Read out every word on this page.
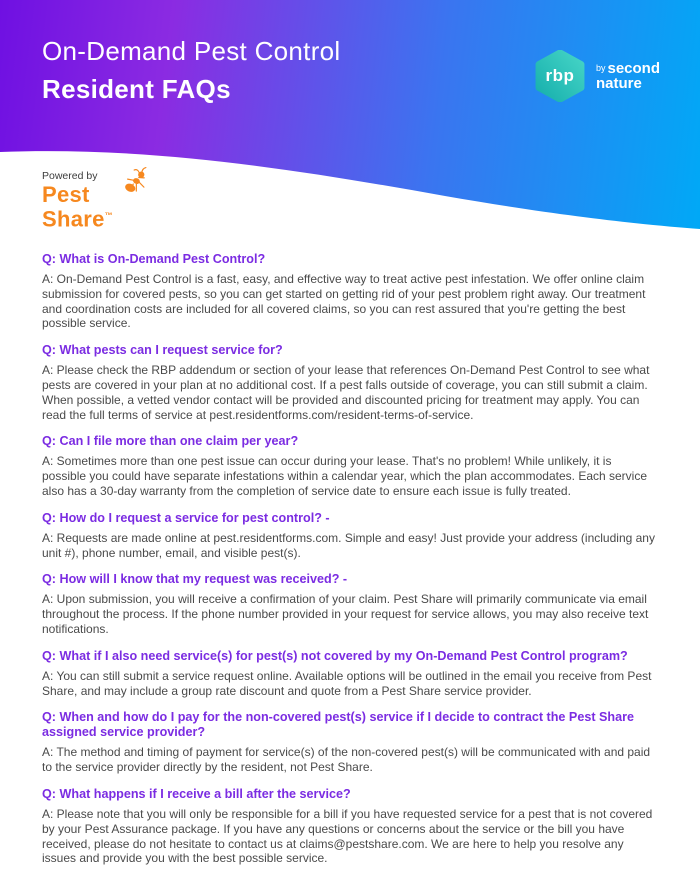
On-Demand Pest Control
Resident FAQs	rbp	$^{by}$ second
nature
Powered by
Pest
Share™
Q: What is On-Demand Pest Control?

A: On-Demand Pest Control is a fast, easy, and effective way to treat active pest infestation. We offer online claim submission for covered pests, so you can get started on getting rid of your pest problem right away. Our treatment and coordination costs are included for all covered claims, so you can rest assured that you're getting the best possible service.

Q: What pests can I request service for?

A: Please check the RBP addendum or section of your lease that references On-Demand Pest Control to see what pests are covered in your plan at no additional cost. If a pest falls outside of coverage, you can still submit a claim. When possible, a vetted vendor contact will be provided and discounted pricing for treatment may apply. You can read the full terms of service at pest.residentforms.com/resident-terms-of-service.

Q: Can I file more than one claim per year?

A: Sometimes more than one pest issue can occur during your lease. That's no problem! While unlikely, it is possible you could have separate infestations within a calendar year, which the plan accommodates. Each service also has a 30-day warranty from the completion of service date to ensure each issue is fully treated.

Q: How do I request a service for pest control? -

A: Requests are made online at pest.residentforms.com. Simple and easy! Just provide your address (including any unit #), phone number, email, and visible pest(s).

Q: How will I know that my request was received? -

A: Upon submission, you will receive a confirmation of your claim. Pest Share will primarily communicate via email throughout the process. If the phone number provided in your request for service allows, you may also receive text notifications.

Q: What if I also need service(s) for pest(s) not covered by my On-Demand Pest Control program?

A: You can still submit a service request online. Available options will be outlined in the email you receive from Pest Share, and may include a group rate discount and quote from a Pest Share service provider.

Q: When and how do I pay for the non-covered pest(s) service if I decide to contract the Pest Share assigned service provider?

A: The method and timing of payment for service(s) of the non-covered pest(s) will be communicated with and paid to the service provider directly by the resident, not Pest Share.

Q: What happens if I receive a bill after the service?

A: Please note that you will only be responsible for a bill if you have requested service for a pest that is not covered by your Pest Assurance package. If you have any questions or concerns about the service or the bill you have received, please do not hesitate to contact us at claims@pestshare.com. We are here to help you resolve any issues and provide you with the best possible service.
